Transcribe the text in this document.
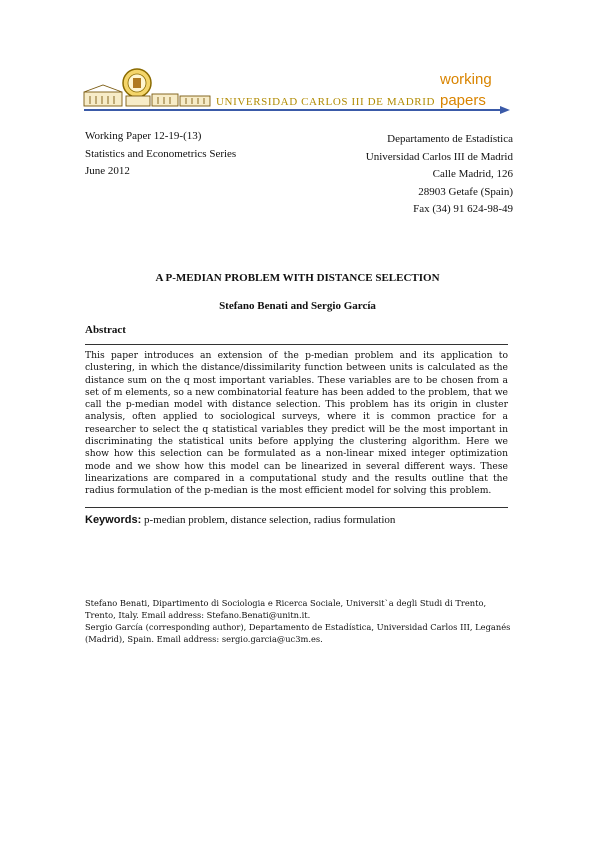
UNIVERSIDAD CARLOS III DE MADRID
working
papers
Working Paper 12-19-(13)
Statistics and Econometrics Series
June 2012
Departamento de Estadística
Universidad Carlos III de Madrid
Calle Madrid, 126
28903 Getafe (Spain)
Fax (34) 91 624-98-49
A P-MEDIAN PROBLEM WITH DISTANCE SELECTION
Stefano Benati and Sergio García
Abstract
This paper introduces an extension of the p-median problem and its application to clustering, in which the distance/dissimilarity function between units is calculated as the distance sum on the q most important variables. These variables are to be chosen from a set of m elements, so a new combinatorial feature has been added to the problem, that we call the p-median model with distance selection. This problem has its origin in cluster analysis, often applied to sociological surveys, where it is common practice for a researcher to select the q statistical variables they predict will be the most important in discriminating the statistical units before applying the clustering algorithm. Here we show how this selection can be formulated as a non-linear mixed integer optimization mode and we show how this model can be linearized in several different ways. These linearizations are compared in a computational study and the results outline that the radius formulation of the p-median is the most efficient model for solving this problem.
Keywords: p-median problem, distance selection, radius formulation
Stefano Benati, Dipartimento di Sociologia e Ricerca Sociale, Universit`a degli Studi di Trento, Trento, Italy. Email address: Stefano.Benati@unitn.it.
Sergio García (corresponding author), Departamento de Estadística, Universidad Carlos III, Leganés (Madrid), Spain. Email address: sergio.garcia@uc3m.es.
